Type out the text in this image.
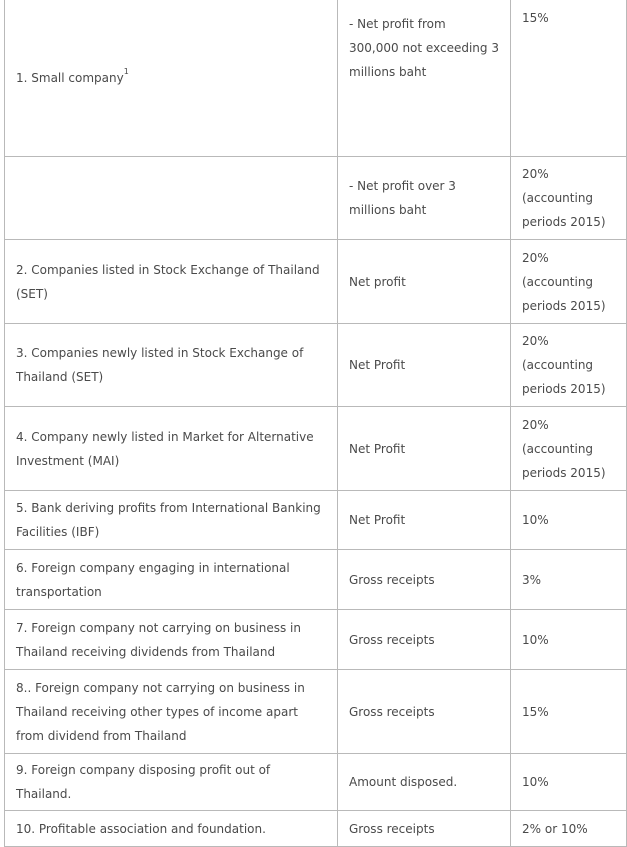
1. Small company$^1$	- Net profit from 300,000 not exceeding 3 millions baht	15%
	- Net profit over 3 millions baht	20% (accounting periods 2015)
2. Companies listed in Stock Exchange of Thailand (SET)	Net profit	20% (accounting periods 2015)
3. Companies newly listed in Stock Exchange of Thailand (SET)	Net Profit	20% (accounting periods 2015)
4. Company newly listed in Market for Alternative Investment (MAI)	Net Profit	20% (accounting periods 2015)
5. Bank deriving profits from International Banking Facilities (IBF)	Net Profit	10%
6. Foreign company engaging in international transportation	Gross receipts	3%
7. Foreign company not carrying on business in Thailand receiving dividends from Thailand	Gross receipts	10%
8.. Foreign company not carrying on business in Thailand receiving other types of income apart from dividend from Thailand	Gross receipts	15%
9. Foreign company disposing profit out of Thailand.	Amount disposed.	10%
10. Profitable association and foundation.	Gross receipts	2% or 10%
